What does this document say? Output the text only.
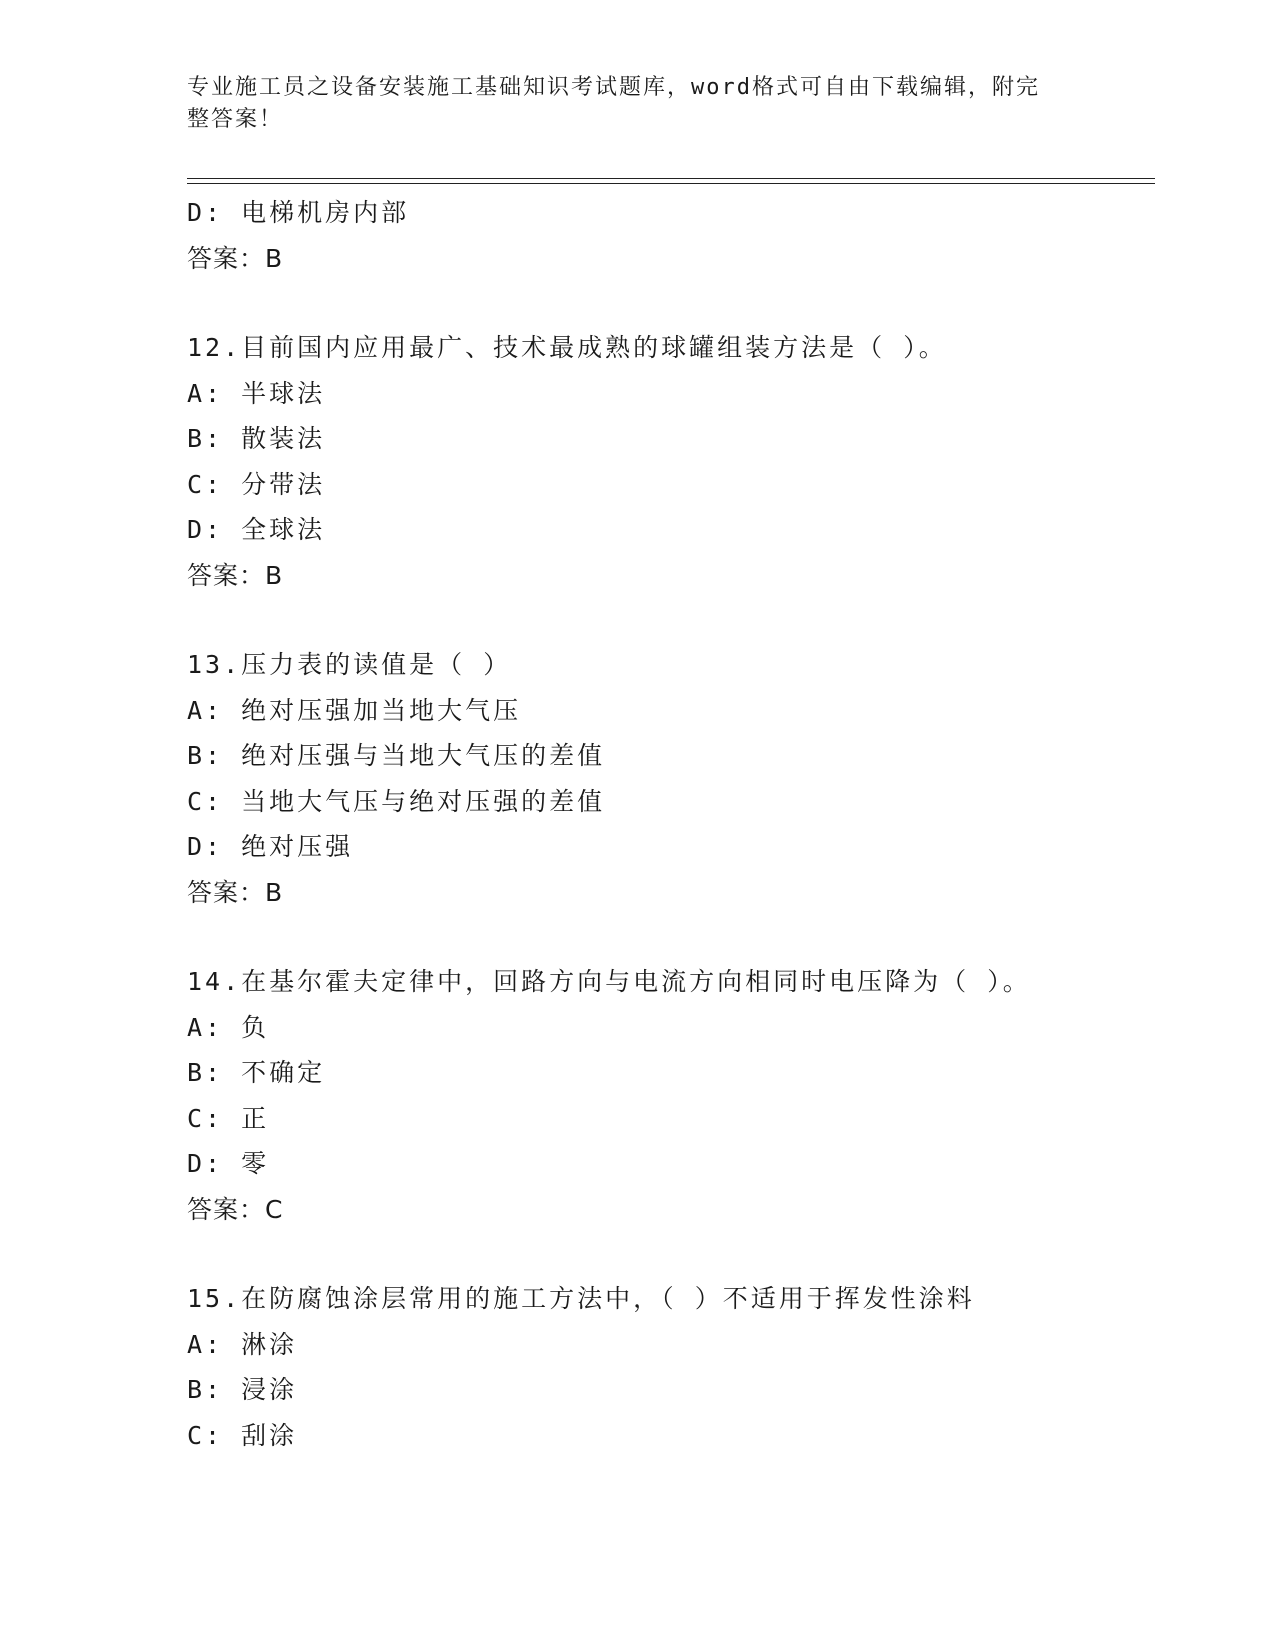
专业施工员之设备安装施工基础知识考试题库，word格式可自由下载编辑，附完
整答案！
D: 电梯机房内部
答案：B
12.目前国内应用最广、技术最成熟的球罐组装方法是（ ）。
A: 半球法
B: 散装法
C: 分带法
D: 全球法
答案：B
13.压力表的读值是（ ）
A: 绝对压强加当地大气压
B: 绝对压强与当地大气压的差值
C: 当地大气压与绝对压强的差值
D: 绝对压强
答案：B
14.在基尔霍夫定律中，回路方向与电流方向相同时电压降为（ ）。
A: 负
B: 不确定
C: 正
D: 零
答案：C
15.在防腐蚀涂层常用的施工方法中，（ ）不适用于挥发性涂料
A: 淋涂
B: 浸涂
C: 刮涂
